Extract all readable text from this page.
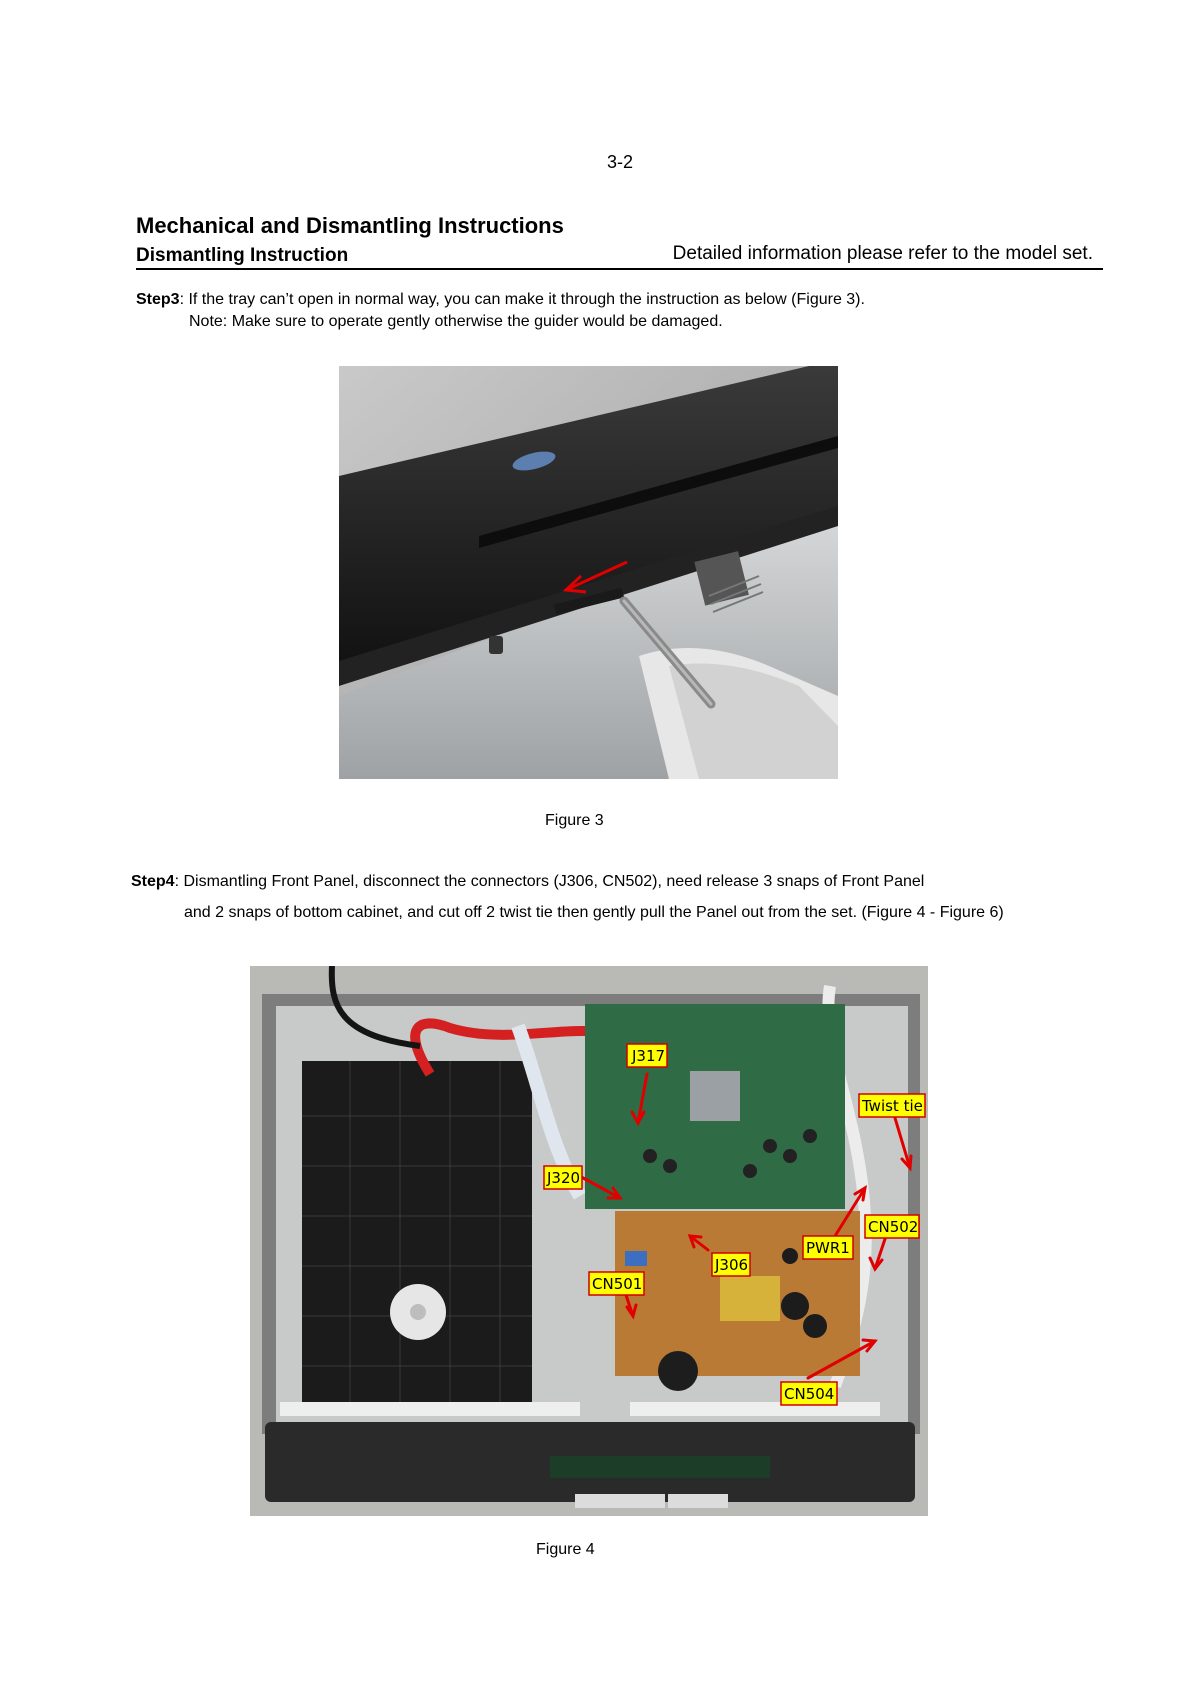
3-2
Mechanical and Dismantling Instructions
Dismantling Instruction	Detailed information please refer to the model set.
Step3: If the tray can’t open in normal way, you can make it through the instruction as below (Figure 3).
Note: Make sure to operate gently otherwise the guider would be damaged.
Figure 3
Step4: Dismantling Front Panel, disconnect the connectors (J306, CN502), need release 3 snaps of Front Panel
and 2 snaps of bottom cabinet, and cut off 2 twist tie then gently pull the Panel out from the set. (Figure 4 - Figure 6)
J317
Twist tie
J320
CN502
PWR1
J306
CN501
CN504
Figure 4
